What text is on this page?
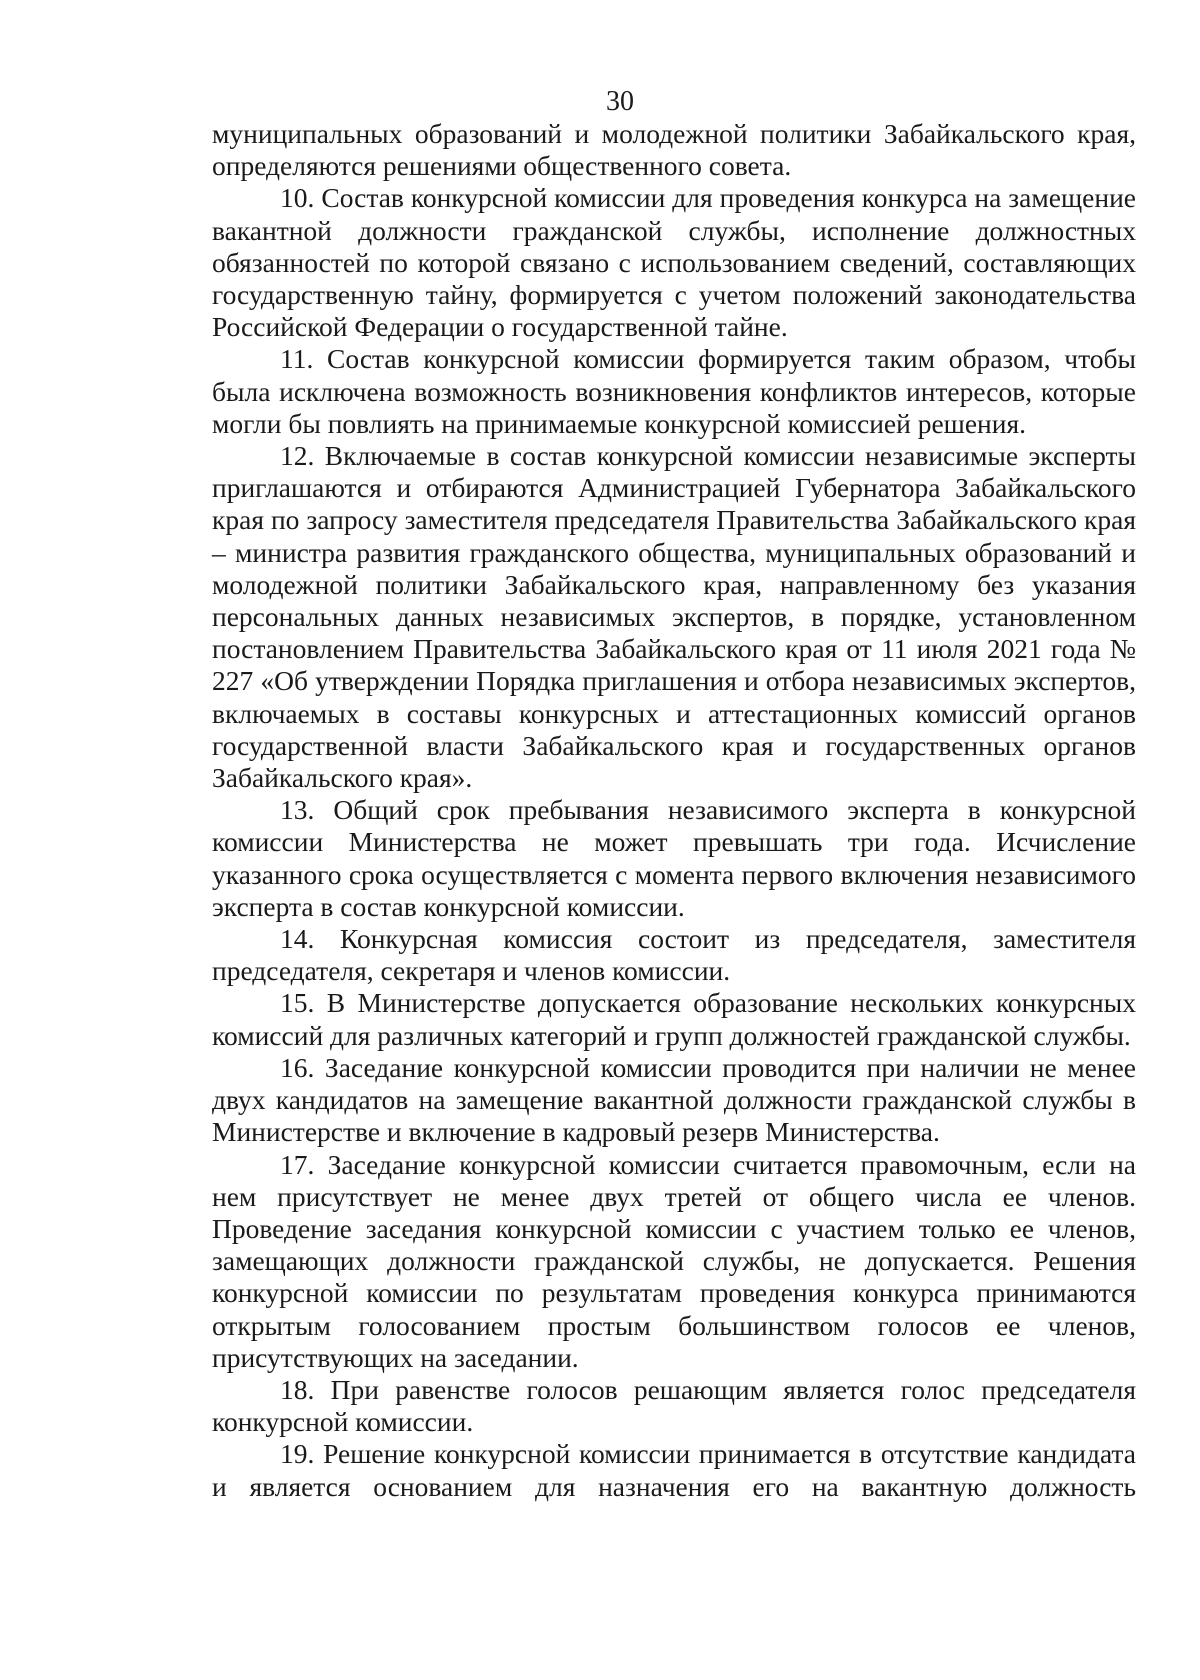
30

муниципальных образований и молодежной политики Забайкальского края, определяются решениями общественного совета.

10. Состав конкурсной комиссии для проведения конкурса на замещение вакантной должности гражданской службы, исполнение должностных обязанностей по которой связано с использованием сведений, составляющих государственную тайну, формируется с учетом положений законодательства Российской Федерации о государственной тайне.

11. Состав конкурсной комиссии формируется таким образом, чтобы была исключена возможность возникновения конфликтов интересов, которые могли бы повлиять на принимаемые конкурсной комиссией решения.

12. Включаемые в состав конкурсной комиссии независимые эксперты приглашаются и отбираются Администрацией Губернатора Забайкальского края по запросу заместителя председателя Правительства Забайкальского края – министра развития гражданского общества, муниципальных образований и молодежной политики Забайкальского края, направленному без указания персональных данных независимых экспертов, в порядке, установленном постановлением Правительства Забайкальского края от 11 июля 2021 года № 227 «Об утверждении Порядка приглашения и отбора независимых экспертов, включаемых в составы конкурсных и аттестационных комиссий органов государственной власти Забайкальского края и государственных органов Забайкальского края».

13. Общий срок пребывания независимого эксперта в конкурсной комиссии Министерства не может превышать три года. Исчисление указанного срока осуществляется с момента первого включения независимого эксперта в состав конкурсной комиссии.

14. Конкурсная комиссия состоит из председателя, заместителя председателя, секретаря и членов комиссии.

15. В Министерстве допускается образование нескольких конкурсных комиссий для различных категорий и групп должностей гражданской службы.

16. Заседание конкурсной комиссии проводится при наличии не менее двух кандидатов на замещение вакантной должности гражданской службы в Министерстве и включение в кадровый резерв Министерства.

17. Заседание конкурсной комиссии считается правомочным, если на нем присутствует не менее двух третей от общего числа ее членов. Проведение заседания конкурсной комиссии с участием только ее членов, замещающих должности гражданской службы, не допускается. Решения конкурсной комиссии по результатам проведения конкурса принимаются открытым голосованием простым большинством голосов ее членов, присутствующих на заседании.

18. При равенстве голосов решающим является голос председателя конкурсной комиссии.

19. Решение конкурсной комиссии принимается в отсутствие кандидата и является основанием для назначения его на вакантную должность
